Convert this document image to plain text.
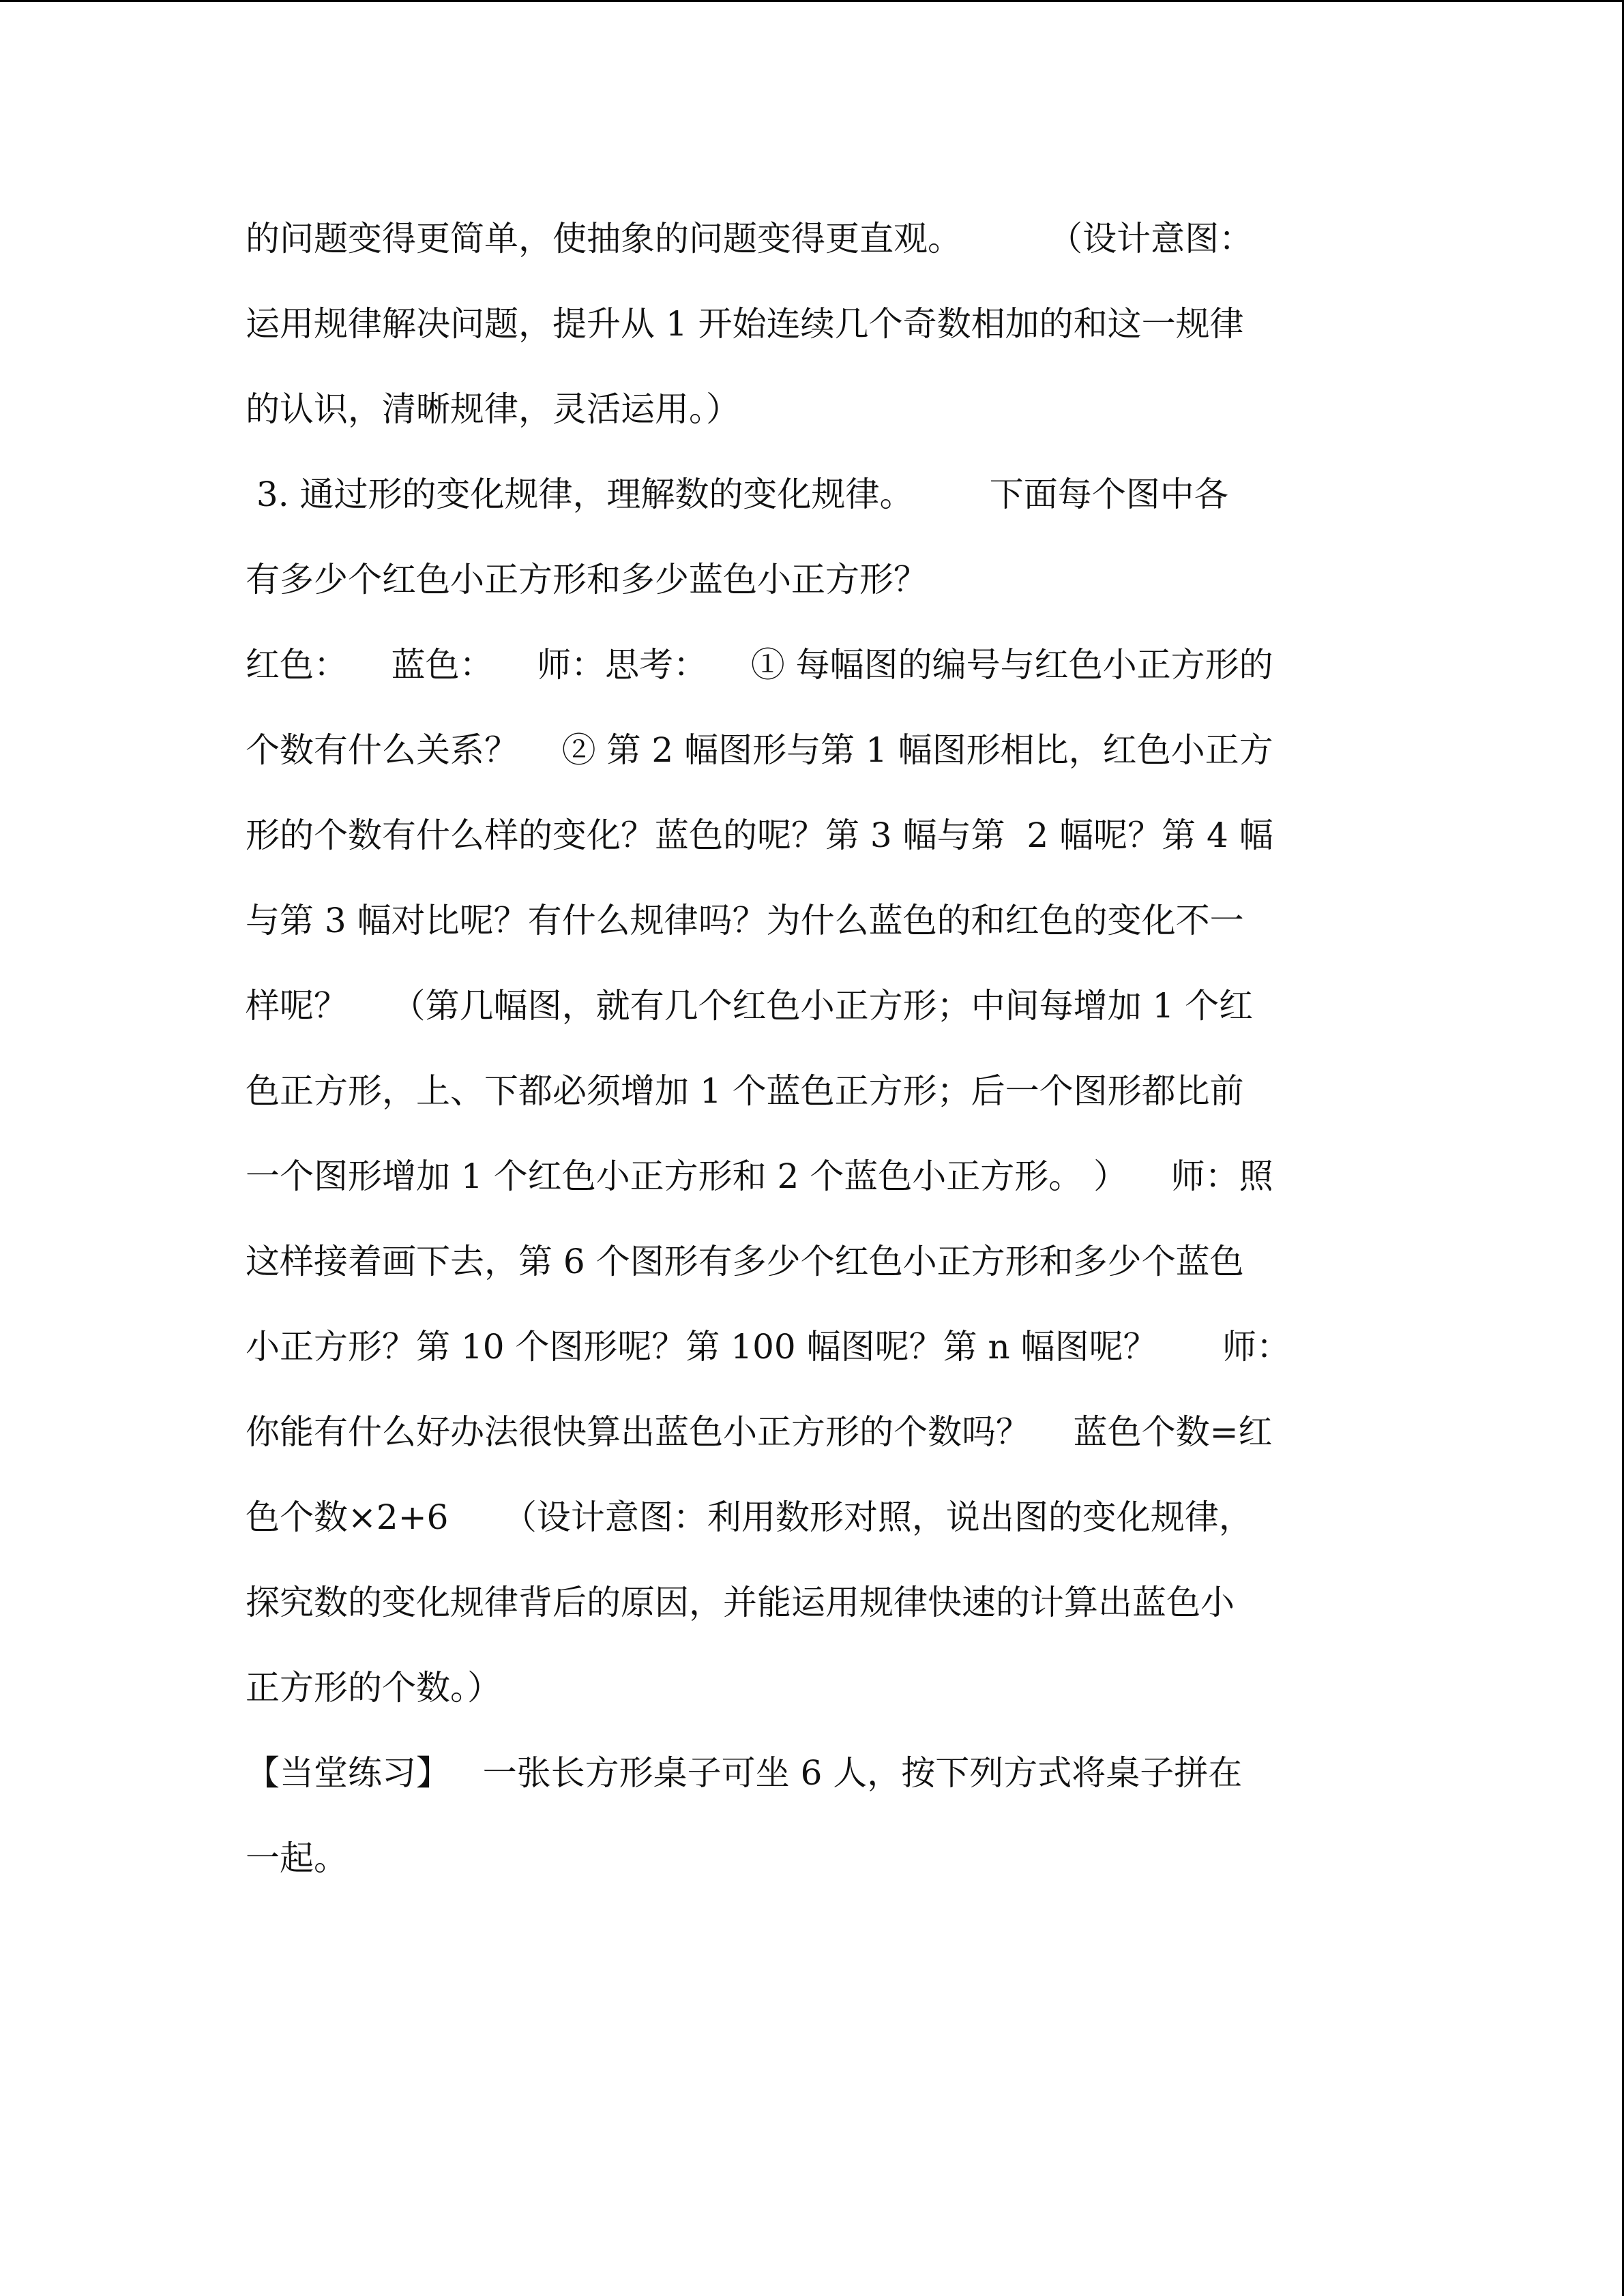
的问题变得更简单，使抽象的问题变得更直观。        （设计意图：
运用规律解决问题，提升从 1 开始连续几个奇数相加的和这一规律
的认识，清晰规律，灵活运用。）
3. 通过形的变化规律，理解数的变化规律。       下面每个图中各
有多少个红色小正方形和多少蓝色小正方形？
红色：    蓝色：    师：思考：    ① 每幅图的编号与红色小正方形的
个数有什么关系？    ② 第 2 幅图形与第 1 幅图形相比，红色小正方
形的个数有什么样的变化？蓝色的呢？第 3 幅与第  2 幅呢？第 4 幅
与第 3 幅对比呢？有什么规律吗？为什么蓝色的和红色的变化不一
样呢？    （第几幅图，就有几个红色小正方形；中间每增加 1 个红
色正方形，上、下都必须增加 1 个蓝色正方形；后一个图形都比前
一个图形增加 1 个红色小正方形和 2 个蓝色小正方形。 ）    师：照
这样接着画下去，第 6 个图形有多少个红色小正方形和多少个蓝色
小正方形？第 10 个图形呢？第 100 幅图呢？第 n 幅图呢？      师：
你能有什么好办法很快算出蓝色小正方形的个数吗？    蓝色个数=红
色个数×2+6     （设计意图：利用数形对照，说出图的变化规律，
探究数的变化规律背后的原因，并能运用规律快速的计算出蓝色小
正方形的个数。）
【当堂练习】   一张长方形桌子可坐 6 人，按下列方式将桌子拼在
一起。
